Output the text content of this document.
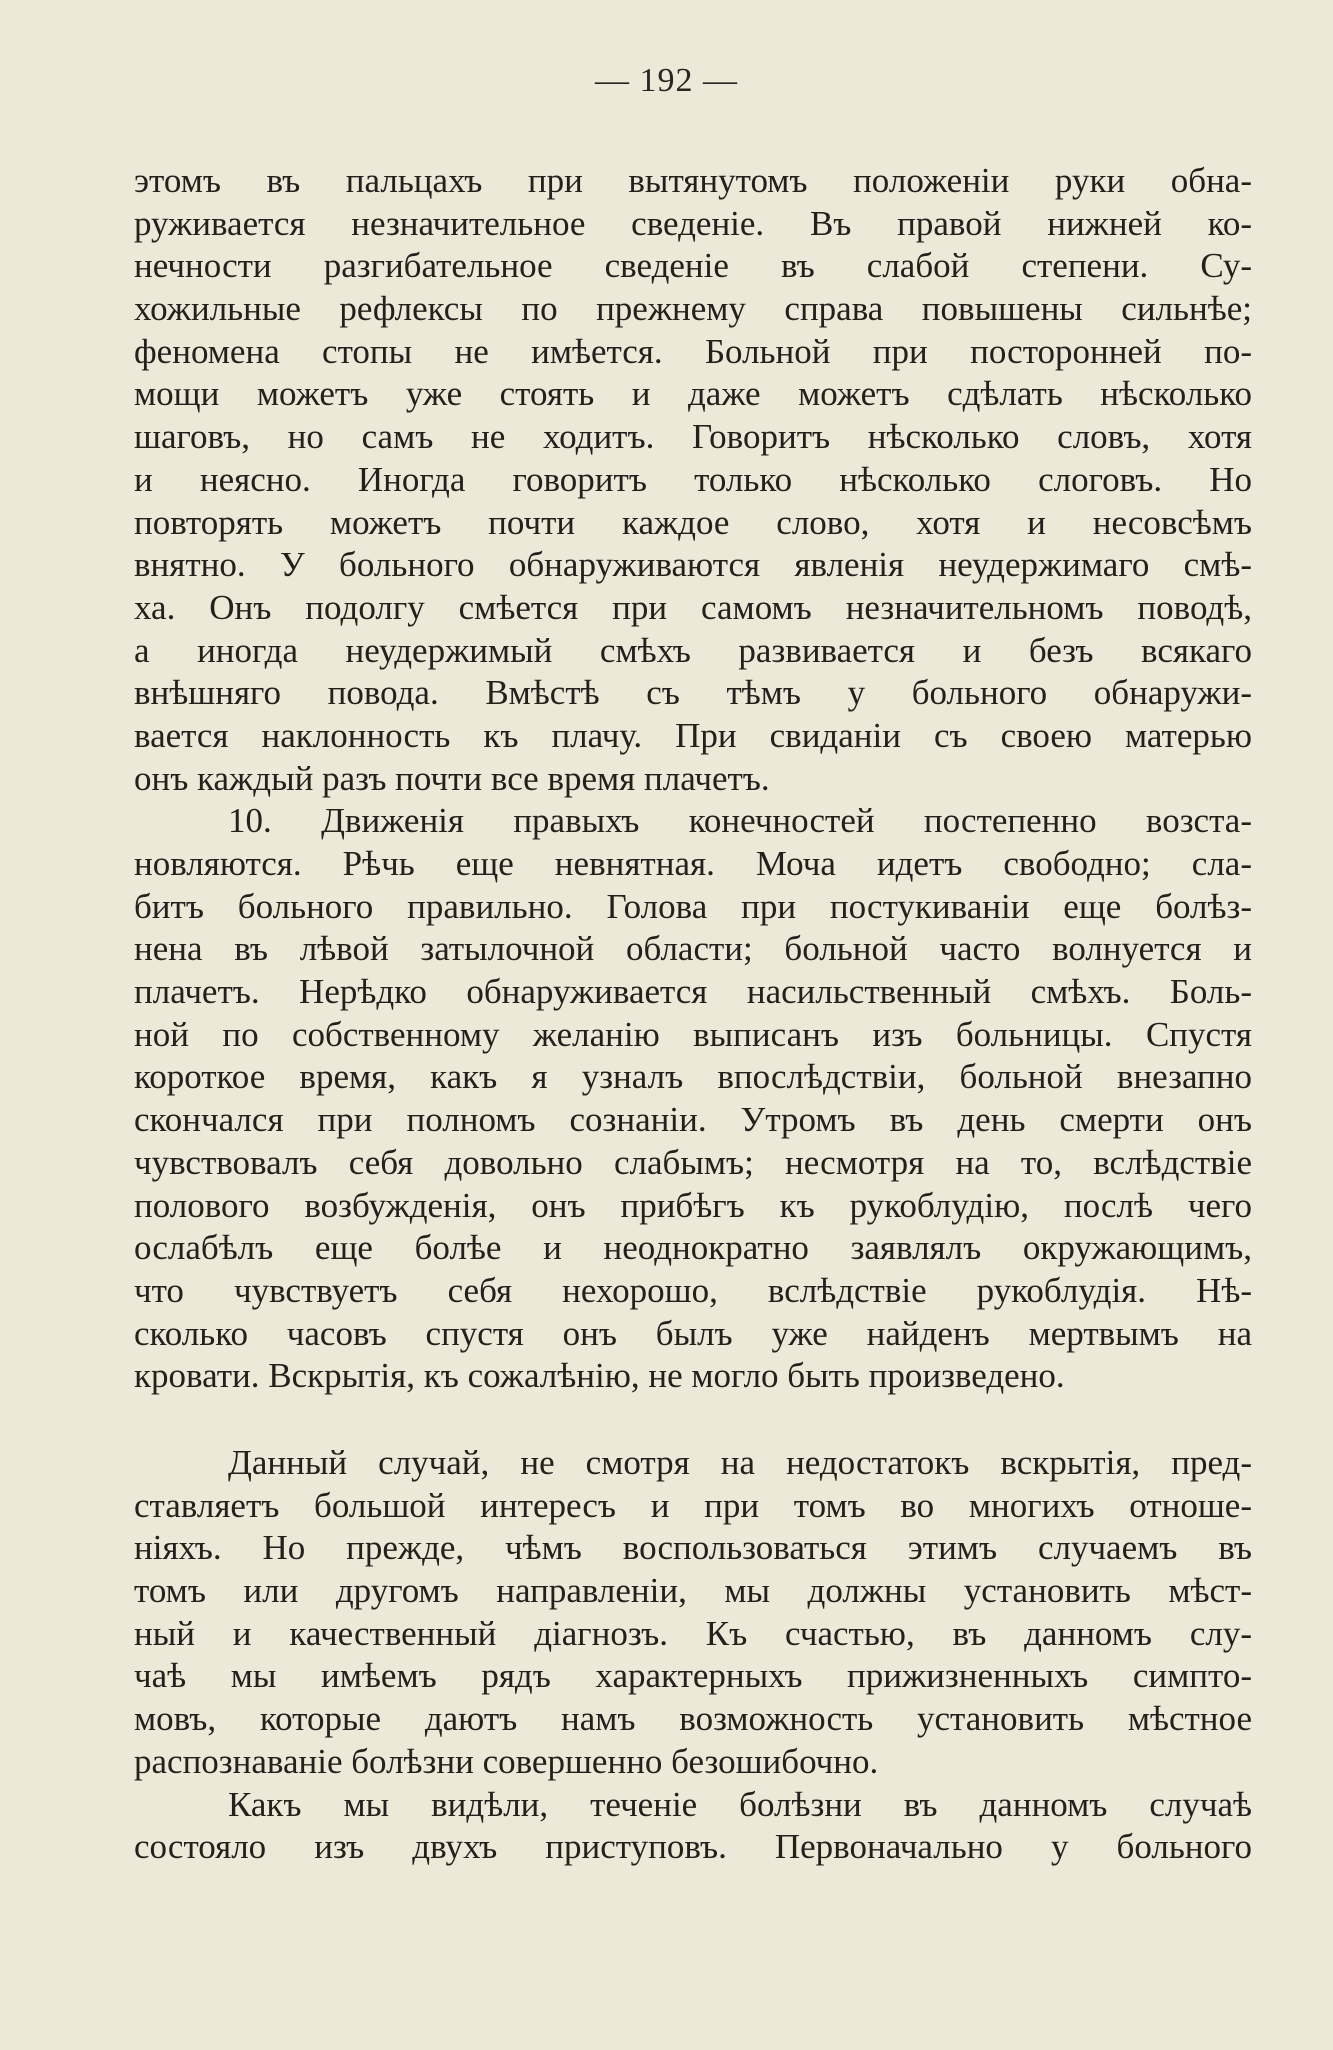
— 192 —
этомъ въ пальцахъ при вытянутомъ положенiи руки обна-
руживается незначительное сведенiе. Въ правой нижней ко-
нечности разгибательное сведенiе въ слабой степени. Су-
хожильные рефлексы по прежнему справа повышены сильнѣе;
феномена стопы не имѣется. Больной при посторонней по-
мощи можетъ уже стоять и даже можетъ сдѣлать нѣсколько
шаговъ, но самъ не ходитъ. Говоритъ нѣсколько словъ, хотя
и неясно. Иногда говоритъ только нѣсколько слоговъ. Но
повторять можетъ почти каждое слово, хотя и несовсѣмъ
внятно. У больного обнаруживаются явленiя неудержимаго смѣ-
ха. Онъ подолгу смѣется при самомъ незначительномъ поводѣ,
а иногда неудержимый смѣхъ развивается и безъ всякаго
внѣшняго повода. Вмѣстѣ съ тѣмъ у больного обнаружи-
вается наклонность къ плачу. При свиданiи съ своею матерью
онъ каждый разъ почти все время плачетъ.
10. Движенiя правыхъ конечностей постепенно возста-
новляются. Рѣчь еще невнятная. Моча идетъ свободно; сла-
битъ больного правильно. Голова при постукиванiи еще болѣз-
нена въ лѣвой затылочной области; больной часто волнуется и
плачетъ. Нерѣдко обнаруживается насильственный смѣхъ. Боль-
ной по собственному желанiю выписанъ изъ больницы. Спустя
короткое время, какъ я узналъ впослѣдствiи, больной внезапно
скончался при полномъ сознанiи. Утромъ въ день смерти онъ
чувствовалъ себя довольно слабымъ; несмотря на то, вслѣдствiе
полового возбужденiя, онъ прибѣгъ къ рукоблудiю, послѣ чего
ослабѣлъ еще болѣе и неоднократно заявлялъ окружающимъ,
что чувствуетъ себя нехорошо, вслѣдствiе рукоблудiя. Нѣ-
сколько часовъ спустя онъ былъ уже найденъ мертвымъ на
кровати. Вскрытiя, къ сожалѣнiю, не могло быть произведено.
Данный случай, не смотря на недостатокъ вскрытiя, пред-
ставляетъ большой интересъ и при томъ во многихъ отноше-
нiяхъ. Но прежде, чѣмъ воспользоваться этимъ случаемъ въ
томъ или другомъ направленiи, мы должны установить мѣст-
ный и качественный дiагнозъ. Къ счастью, въ данномъ слу-
чаѣ мы имѣемъ рядъ характерныхъ прижизненныхъ симпто-
мовъ, которые даютъ намъ возможность установить мѣстное
распознаванiе болѣзни совершенно безошибочно.
Какъ мы видѣли, теченiе болѣзни въ данномъ случаѣ
состояло изъ двухъ приступовъ. Первоначально у больного
